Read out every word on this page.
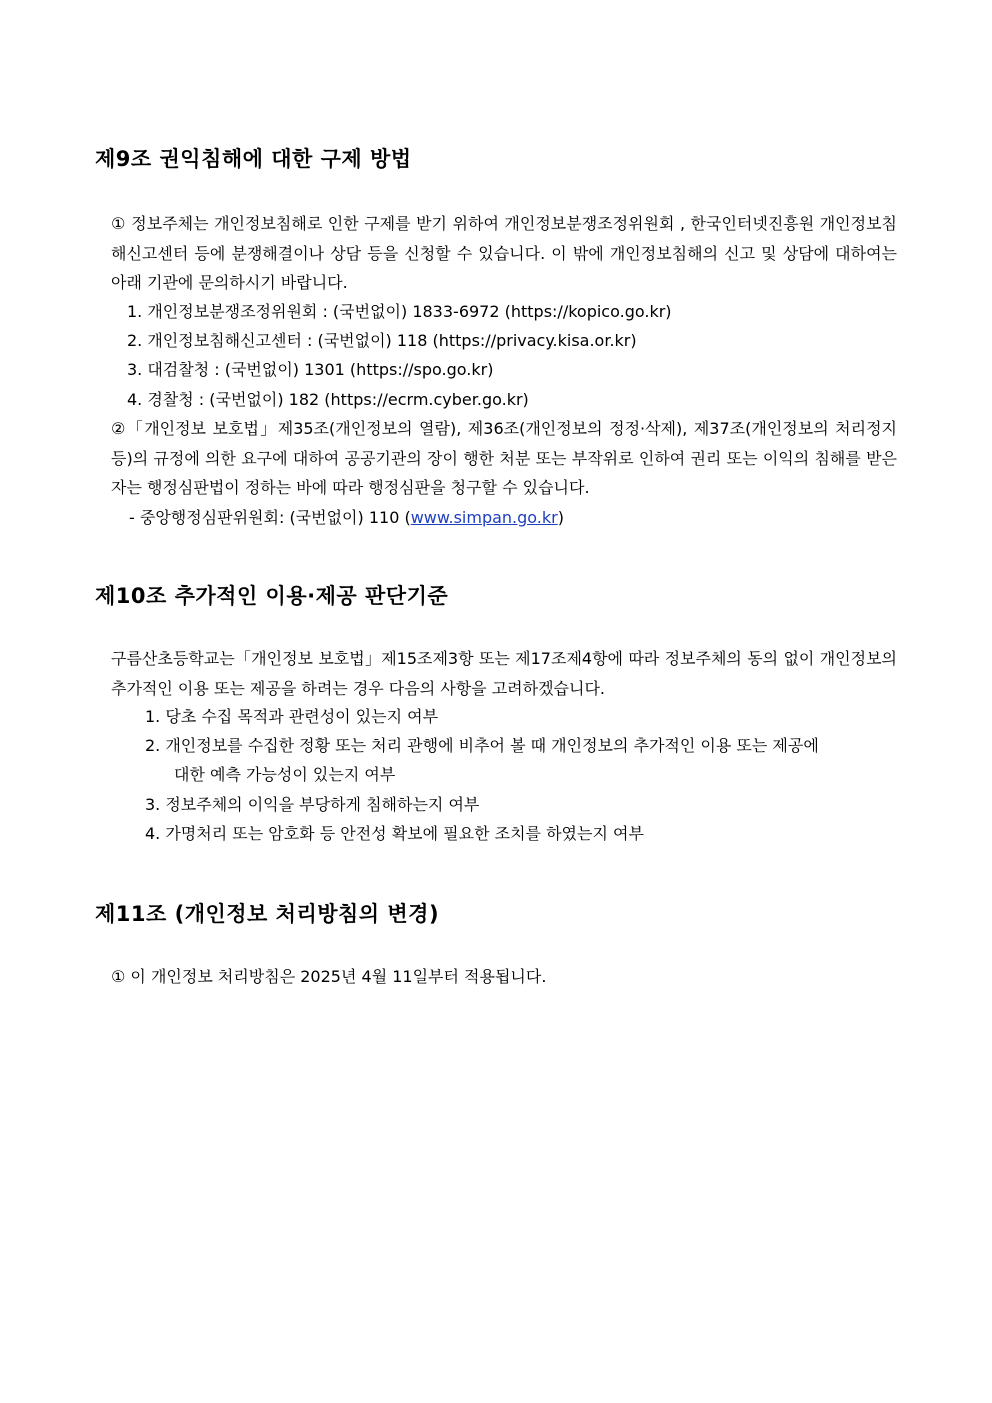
제9조 권익침해에 대한 구제 방법
① 정보주체는 개인정보침해로 인한 구제를 받기 위하여 개인정보분쟁조정위원회 , 한국인터넷진흥원 개인정보침해신고센터 등에 분쟁해결이나 상담 등을 신청할 수 있습니다. 이 밖에 개인정보침해의 신고 및 상담에 대하여는 아래 기관에 문의하시기 바랍니다.
1. 개인정보분쟁조정위원회 : (국번없이) 1833-6972 (https://kopico.go.kr)
2. 개인정보침해신고센터 : (국번없이) 118 (https://privacy.kisa.or.kr)
3. 대검찰청 : (국번없이) 1301 (https://spo.go.kr)
4. 경찰청 : (국번없이) 182 (https://ecrm.cyber.go.kr)
②「개인정보 보호법」제35조(개인정보의 열람), 제36조(개인정보의 정정·삭제), 제37조(개인정보의 처리정지 등)의 규정에 의한 요구에 대하여 공공기관의 장이 행한 처분 또는 부작위로 인하여 권리 또는 이익의 침해를 받은 자는 행정심판법이 정하는 바에 따라 행정심판을 청구할 수 있습니다.
- 중앙행정심판위원회: (국번없이) 110 (www.simpan.go.kr)
제10조 추가적인 이용·제공 판단기준
구름산초등학교는「개인정보 보호법」제15조제3항 또는 제17조제4항에 따라 정보주체의 동의 없이 개인정보의 추가적인 이용 또는 제공을 하려는 경우 다음의 사항을 고려하겠습니다.
1. 당초 수집 목적과 관련성이 있는지 여부
2. 개인정보를 수집한 정황 또는 처리 관행에 비추어 볼 때 개인정보의 추가적인 이용 또는 제공에
대한 예측 가능성이 있는지 여부
3. 정보주체의 이익을 부당하게 침해하는지 여부
4. 가명처리 또는 암호화 등 안전성 확보에 필요한 조치를 하였는지 여부
제11조 (개인정보 처리방침의 변경)
① 이 개인정보 처리방침은 2025년 4월 11일부터 적용됩니다.
